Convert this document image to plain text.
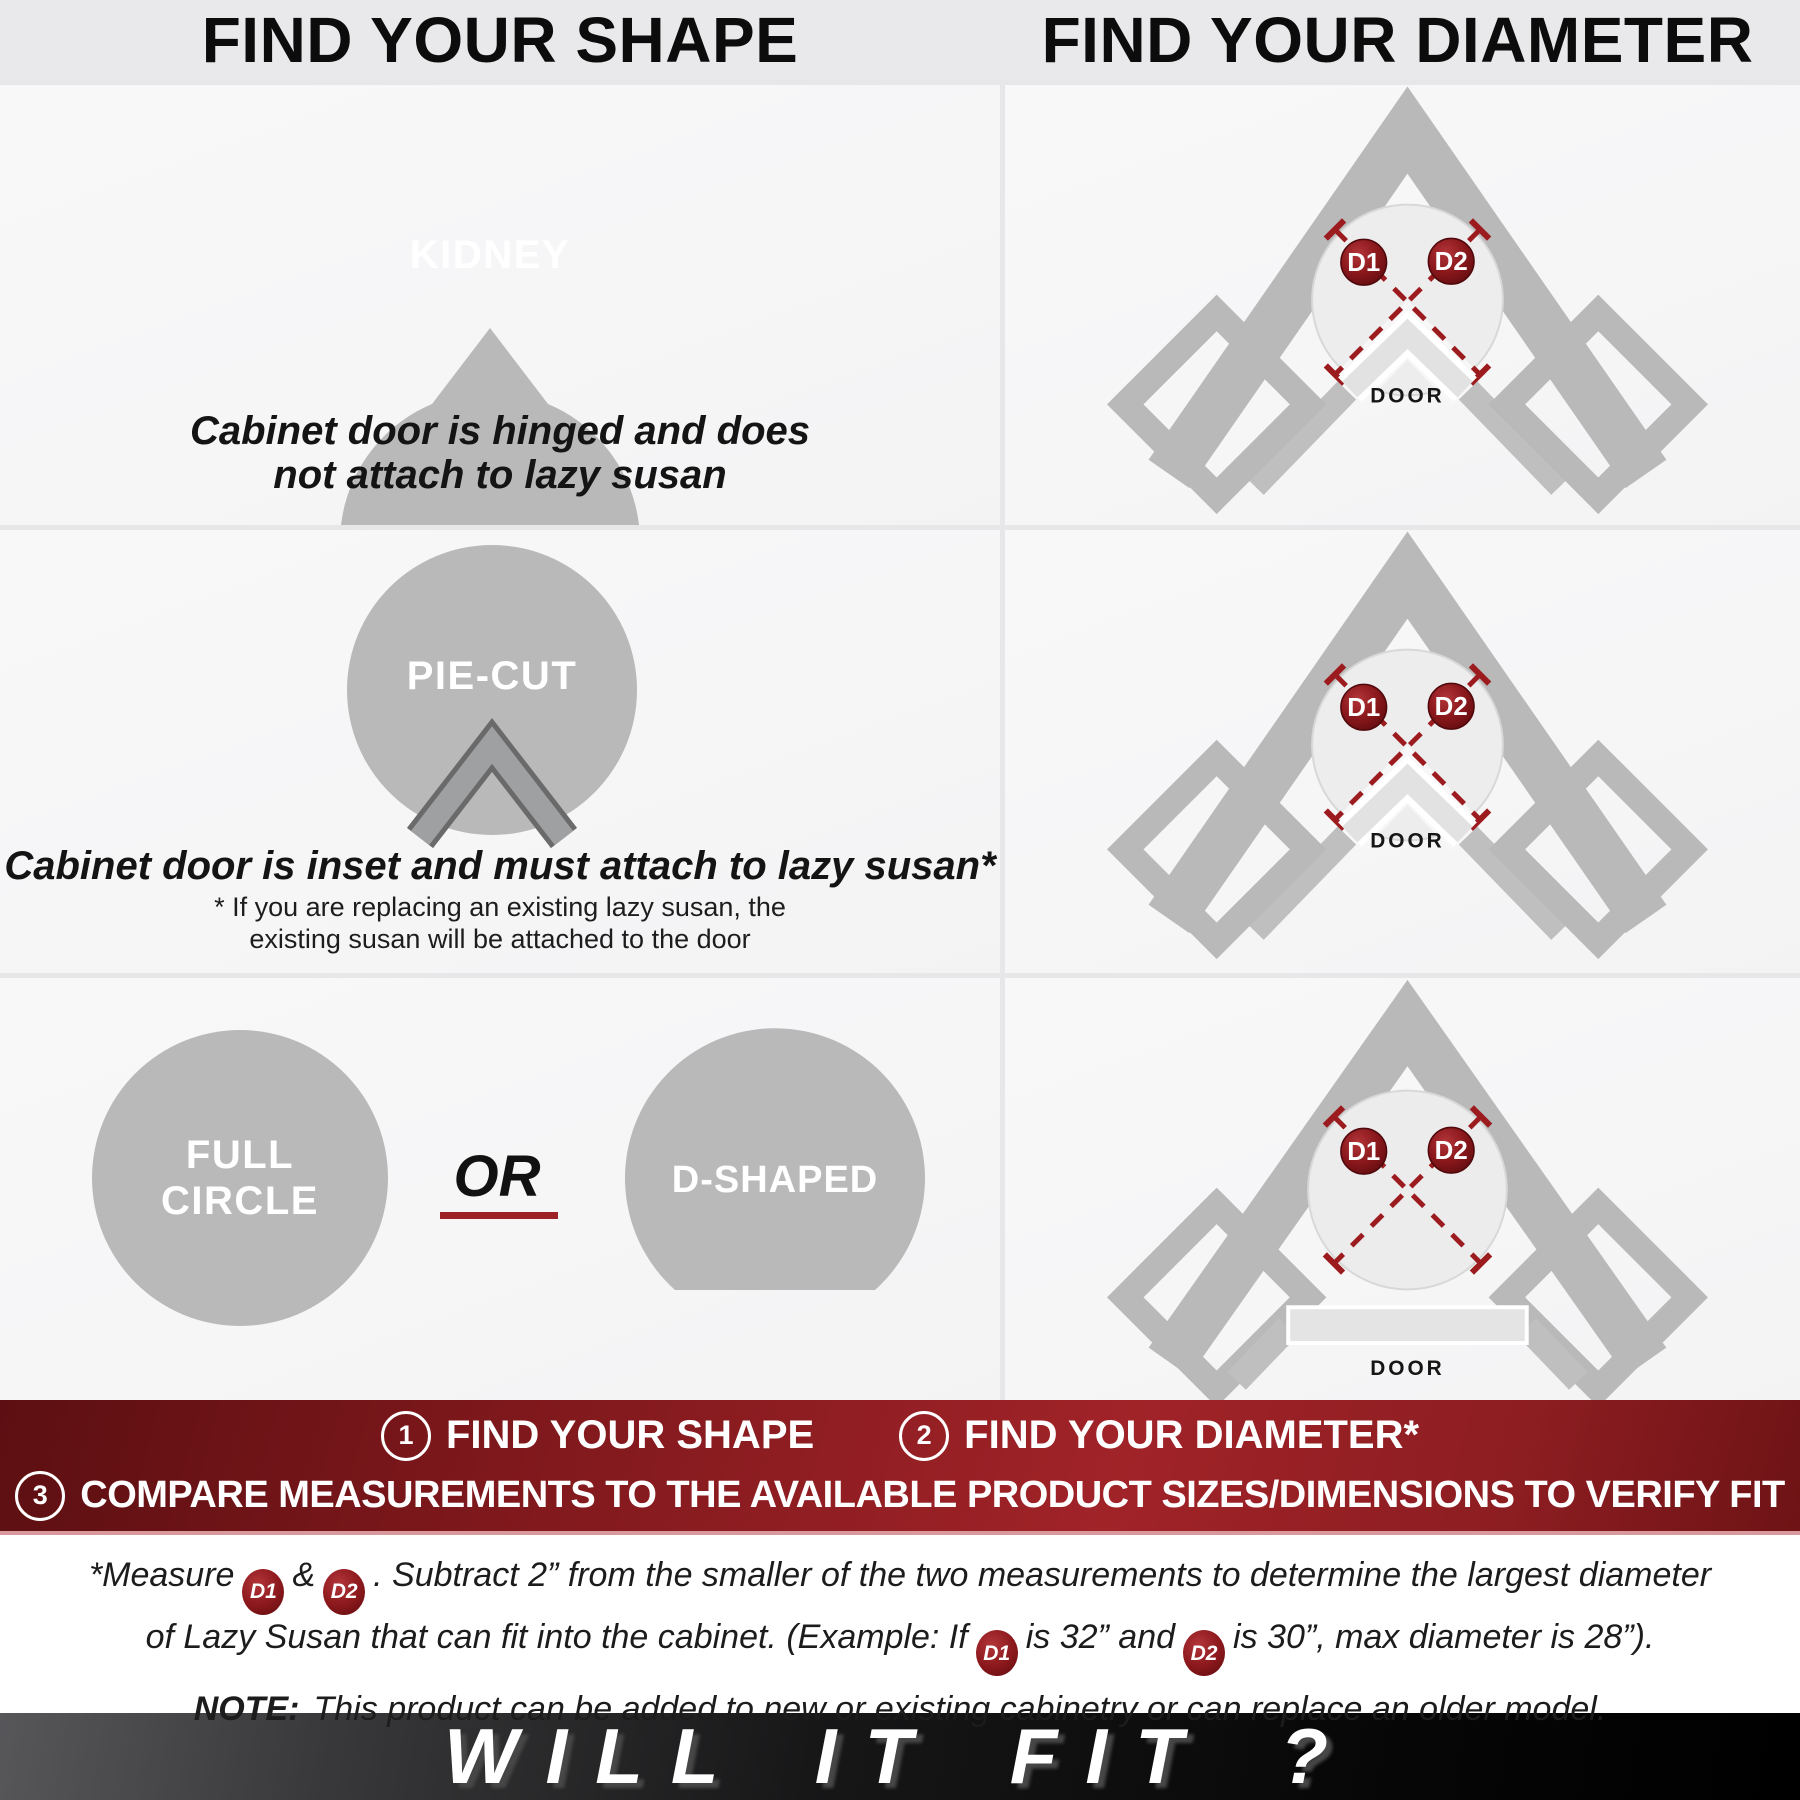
FIND YOUR SHAPE	FIND YOUR DIAMETER
KIDNEY
Cabinet door is hinged and does
not attach to lazy susan
D1 D2
DOOR
PIE-CUT
Cabinet door is inset and must attach to lazy susan*
* If you are replacing an existing lazy susan, the
existing susan will be attached to the door
D1 D2
DOOR
FULL
CIRCLE OR	D-SHAPED
D1 D2
DOOR
1 FIND YOUR SHAPE	2 FIND YOUR DIAMETER*
3 COMPARE MEASUREMENTS TO THE AVAILABLE PRODUCT SIZES/DIMENSIONS TO VERIFY FIT
*Measure D1 & D2 . Subtract 2” from the smaller of the two measurements to determine the largest diameter
of Lazy Susan that can fit into the cabinet. (Example: If D1 is 32” and D2 is 30”, max diameter is 28”).
NOTE: This product can be added to new or existing cabinetry or can replace an older model.
WILL IT FIT ?
